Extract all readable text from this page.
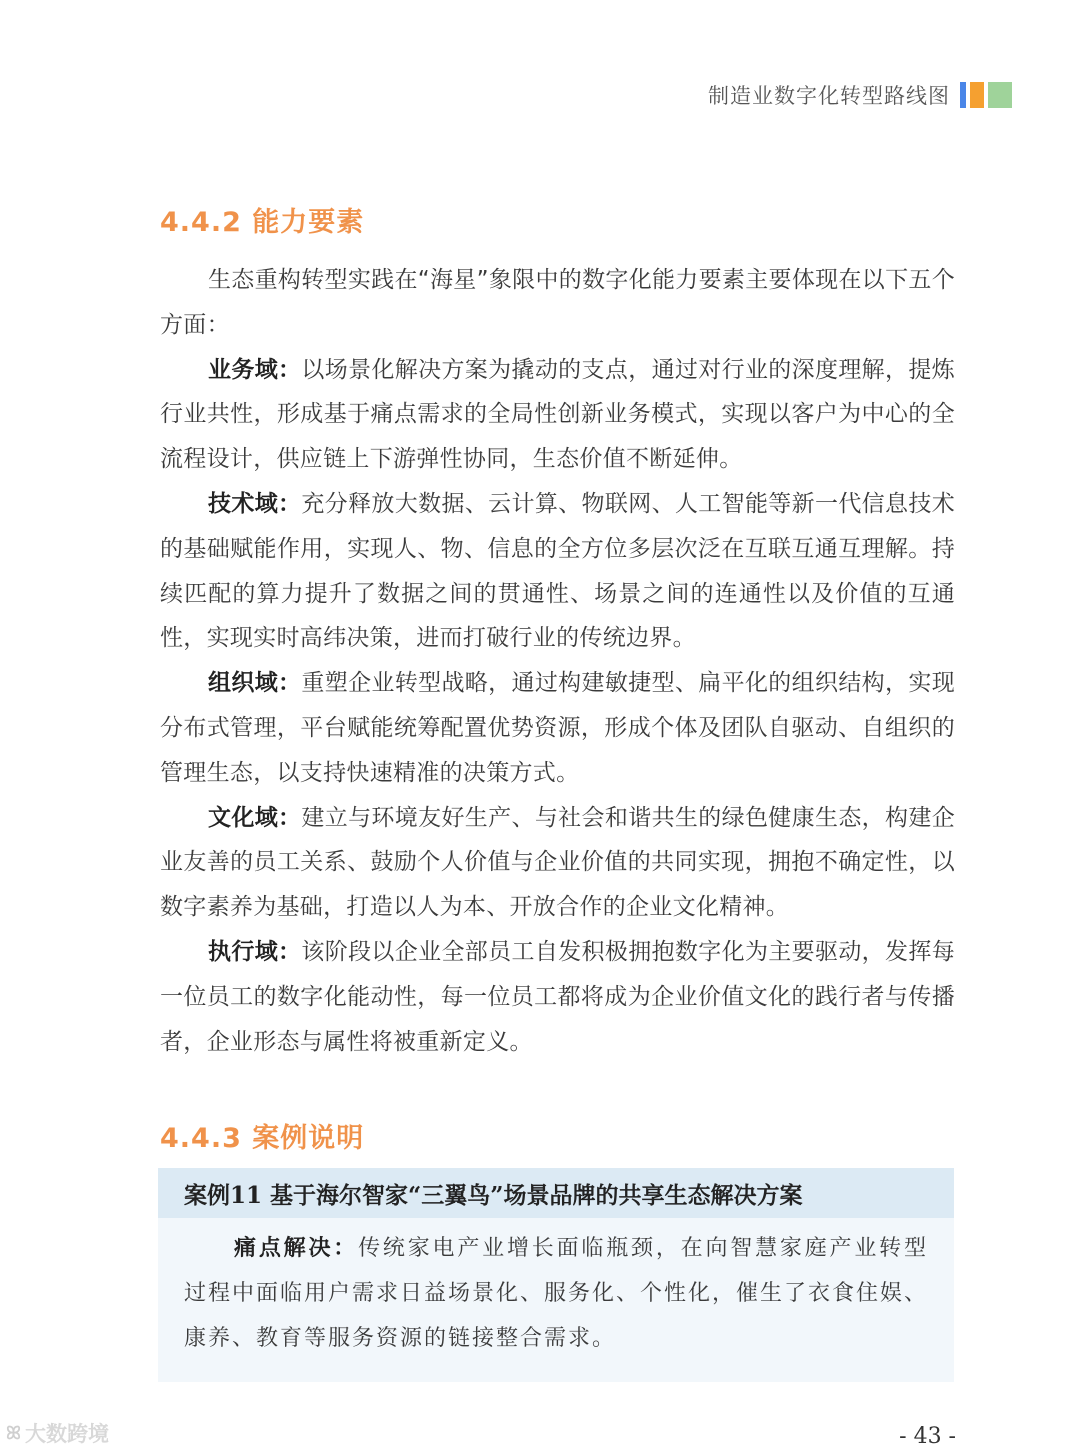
制造业数字化转型路线图
4.4.2 能力要素

生态重构转型实践在“海星”象限中的数字化能力要素主要体现在以下五个方面：

业务域：以场景化解决方案为撬动的支点，通过对行业的深度理解，提炼行业共性，形成基于痛点需求的全局性创新业务模式，实现以客户为中心的全流程设计，供应链上下游弹性协同，生态价值不断延伸。

技术域：充分释放大数据、云计算、物联网、人工智能等新一代信息技术的基础赋能作用，实现人、物、信息的全方位多层次泛在互联互通互理解。持续匹配的算力提升了数据之间的贯通性、场景之间的连通性以及价值的互通性，实现实时高纬决策，进而打破行业的传统边界。

组织域：重塑企业转型战略，通过构建敏捷型、扁平化的组织结构，实现分布式管理，平台赋能统筹配置优势资源，形成个体及团队自驱动、自组织的管理生态，以支持快速精准的决策方式。

文化域：建立与环境友好生产、与社会和谐共生的绿色健康生态，构建企业友善的员工关系、鼓励个人价值与企业价值的共同实现，拥抱不确定性，以数字素养为基础，打造以人为本、开放合作的企业文化精神。

执行域：该阶段以企业全部员工自发积极拥抱数字化为主要驱动，发挥每一位员工的数字化能动性，每一位员工都将成为企业价值文化的践行者与传播者，企业形态与属性将被重新定义。

4.4.3 案例说明
案例11 基于海尔智家“三翼鸟”场景品牌的共享生态解决方案

痛点解决：传统家电产业增长面临瓶颈，在向智慧家庭产业转型过程中面临用户需求日益场景化、服务化、个性化，催生了衣食住娱、康养、教育等服务资源的链接整合需求。

ꕤ 大数跨境	- 43 -
